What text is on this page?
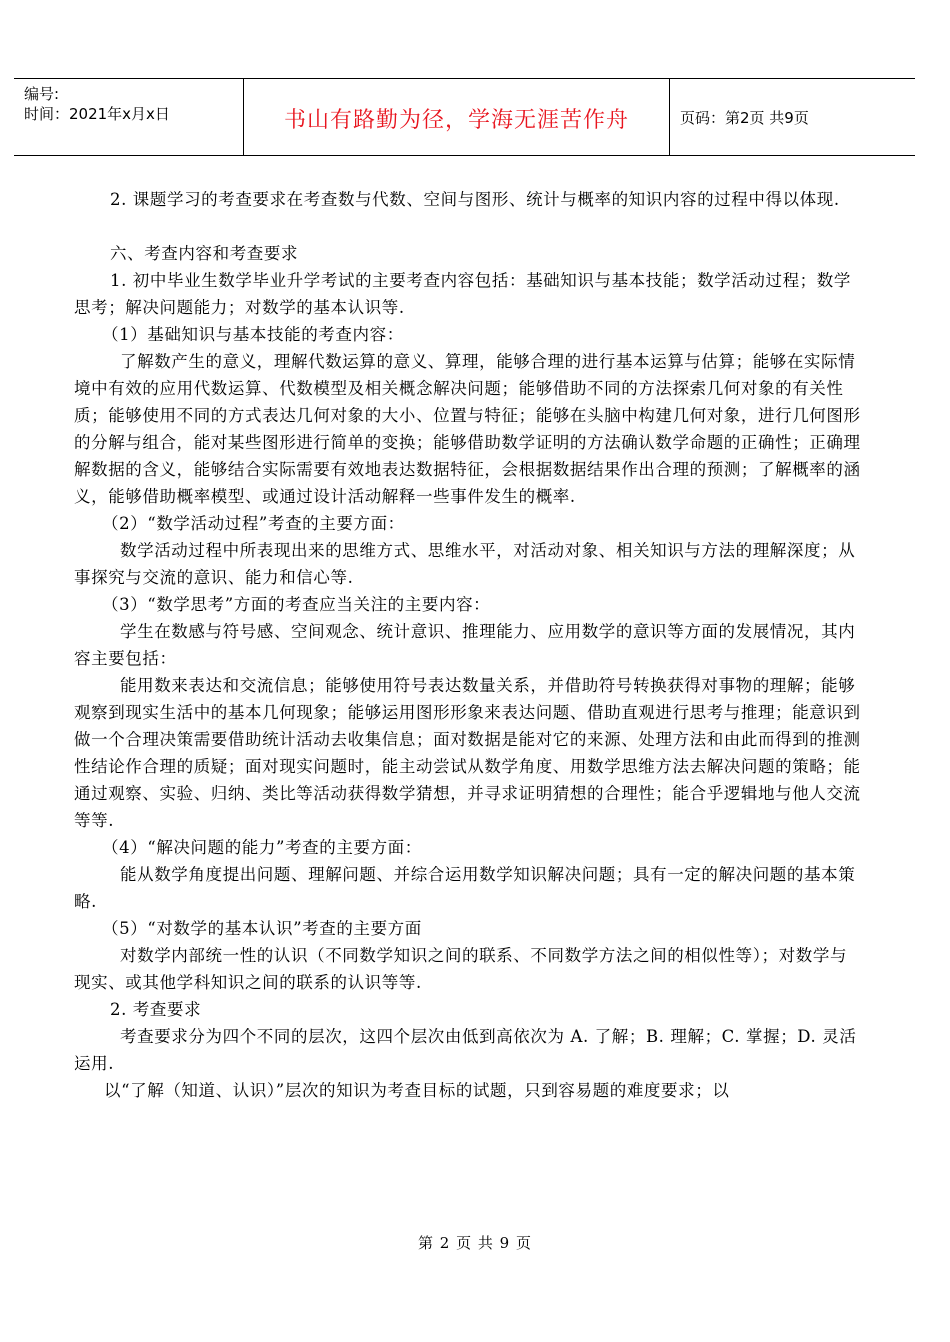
编号:
时间：2021年x月x日	书山有路勤为径，学海无涯苦作舟	页码：第2页 共9页

2. 课题学习的考查要求在考查数与代数、空间与图形、统计与概率的知识内容的过程中得以体现.

六、考查内容和考查要求

1. 初中毕业生数学毕业升学考试的主要考查内容包括：基础知识与基本技能；数学活动过程；数学思考；解决问题能力；对数学的基本认识等.

（1）基础知识与基本技能的考查内容：

了解数产生的意义，理解代数运算的意义、算理，能够合理的进行基本运算与估算；能够在实际情境中有效的应用代数运算、代数模型及相关概念解决问题；能够借助不同的方法探索几何对象的有关性质；能够使用不同的方式表达几何对象的大小、位置与特征；能够在头脑中构建几何对象，进行几何图形的分解与组合，能对某些图形进行简单的变换；能够借助数学证明的方法确认数学命题的正确性；正确理解数据的含义，能够结合实际需要有效地表达数据特征，会根据数据结果作出合理的预测；了解概率的涵义，能够借助概率模型、或通过设计活动解释一些事件发生的概率.

（2）“数学活动过程”考查的主要方面：

数学活动过程中所表现出来的思维方式、思维水平，对活动对象、相关知识与方法的理解深度；从事探究与交流的意识、能力和信心等.

（3）“数学思考”方面的考查应当关注的主要内容：

学生在数感与符号感、空间观念、统计意识、推理能力、应用数学的意识等方面的发展情况，其内容主要包括：

能用数来表达和交流信息；能够使用符号表达数量关系，并借助符号转换获得对事物的理解；能够观察到现实生活中的基本几何现象；能够运用图形形象来表达问题、借助直观进行思考与推理；能意识到做一个合理决策需要借助统计活动去收集信息；面对数据是能对它的来源、处理方法和由此而得到的推测性结论作合理的质疑；面对现实问题时，能主动尝试从数学角度、用数学思维方法去解决问题的策略；能通过观察、实验、归纳、类比等活动获得数学猜想，并寻求证明猜想的合理性；能合乎逻辑地与他人交流等等.

（4）“解决问题的能力”考查的主要方面：

能从数学角度提出问题、理解问题、并综合运用数学知识解决问题；具有一定的解决问题的基本策略.

（5）“对数学的基本认识”考查的主要方面

对数学内部统一性的认识（不同数学知识之间的联系、不同数学方法之间的相似性等）；对数学与现实、或其他学科知识之间的联系的认识等等.

2. 考查要求

考查要求分为四个不同的层次，这四个层次由低到高依次为 A. 了解；B. 理解；C. 掌握；D. 灵活运用.

以“了解（知道、认识）”层次的知识为考查目标的试题，只到容易题的难度要求；以

第 2 页 共 9 页
